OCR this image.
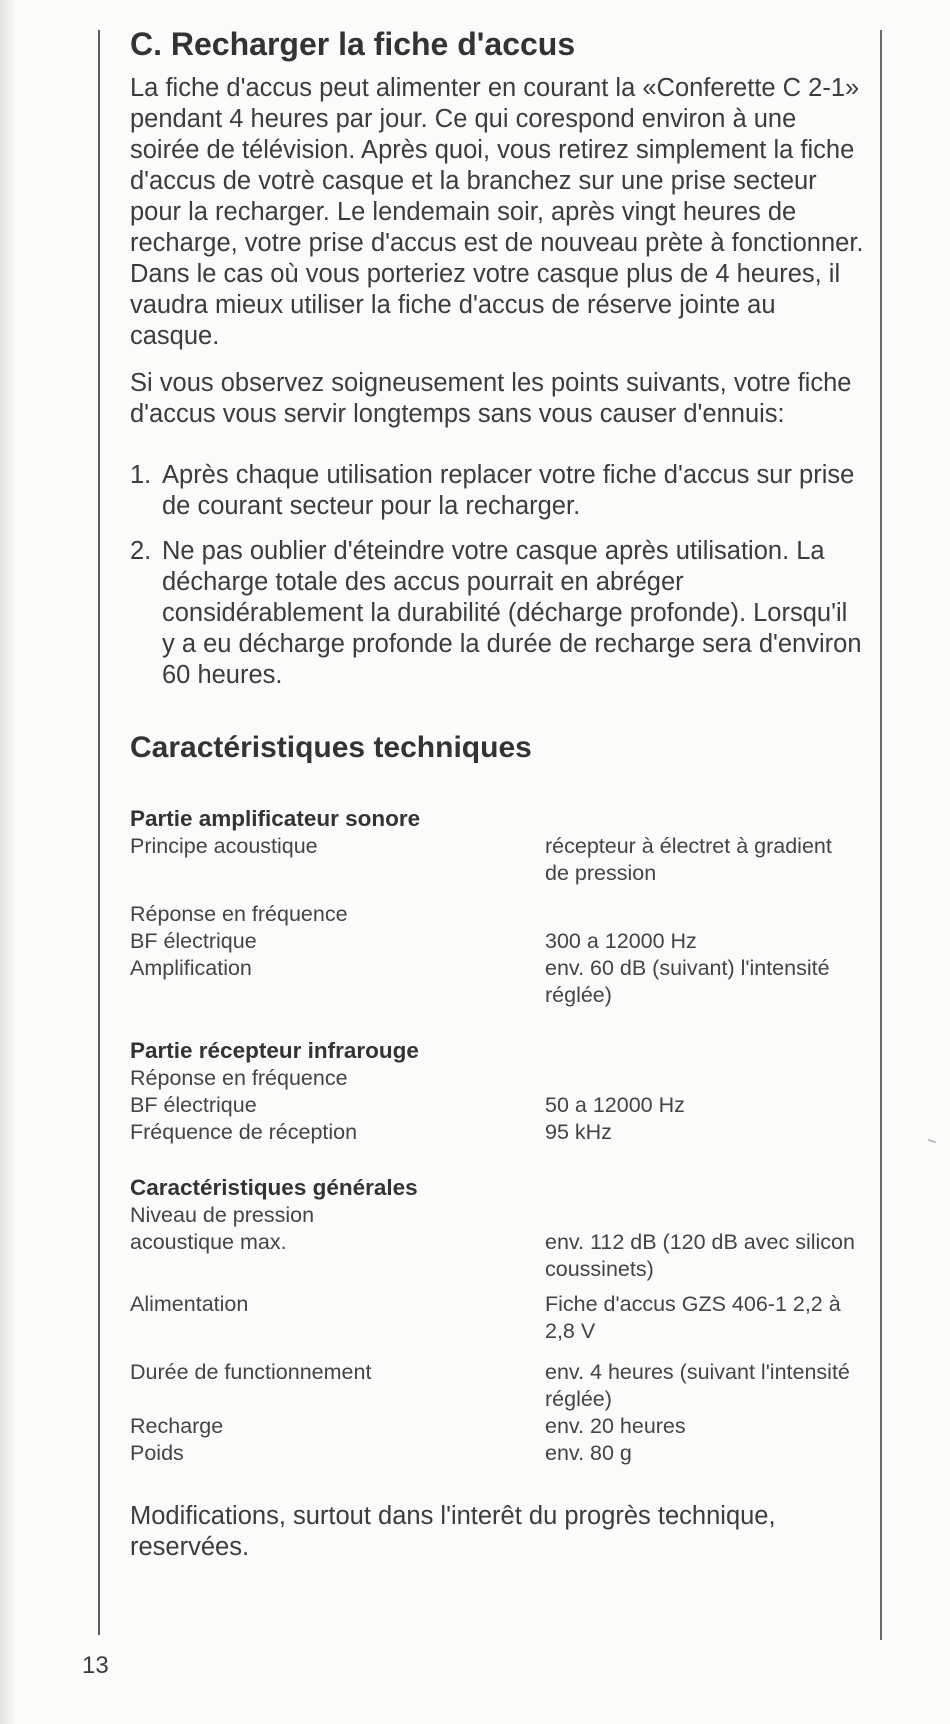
C. Recharger la fiche d'accus

La fiche d'accus peut alimenter en courant la «Conferette C 2-1» pendant 4 heures par jour. Ce qui corespond environ à une soirée de télévision. Après quoi, vous retirez simplement la fiche d'accus de votrè casque et la branchez sur une prise secteur pour la recharger. Le lendemain soir, après vingt heures de recharge, votre prise d'accus est de nouveau prète à fonctionner. Dans le cas où vous porteriez votre casque plus de 4 heures, il vaudra mieux utiliser la fiche d'accus de réserve jointe au casque.

Si vous observez soigneusement les points suivants, votre fiche d'accus vous servir longtemps sans vous causer d'ennuis:

1. Après chaque utilisation replacer votre fiche d'accus sur prise de courant secteur pour la recharger.
2. Ne pas oublier d'éteindre votre casque après utilisation. La décharge totale des accus pourrait en abréger considérablement la durabilité (décharge profonde). Lorsqu'il y a eu décharge profonde la durée de recharge sera d'environ 60 heures.
Caractéristiques techniques
Partie amplificateur sonore
Principe acoustique	récepteur à électret à gradient de pression
Réponse en fréquence
BF électrique	300 a 12000 Hz
Amplification	env. 60 dB (suivant) l'intensité réglée)
Partie récepteur infrarouge
Réponse en fréquence
BF électrique	50 a 12000 Hz
Fréquence de réception	95 kHz
Caractéristiques générales
Niveau de pression
acoustique max.	env. 112 dB (120 dB avec silicon coussinets)
Alimentation	Fiche d'accus GZS 406-1 2,2 à 2,8 V
Durée de functionnement	env. 4 heures (suivant l'intensité réglée)
Recharge	env. 20 heures
Poids	env. 80 g

Modifications, surtout dans l'interêt du progrès technique, reservées.

13
